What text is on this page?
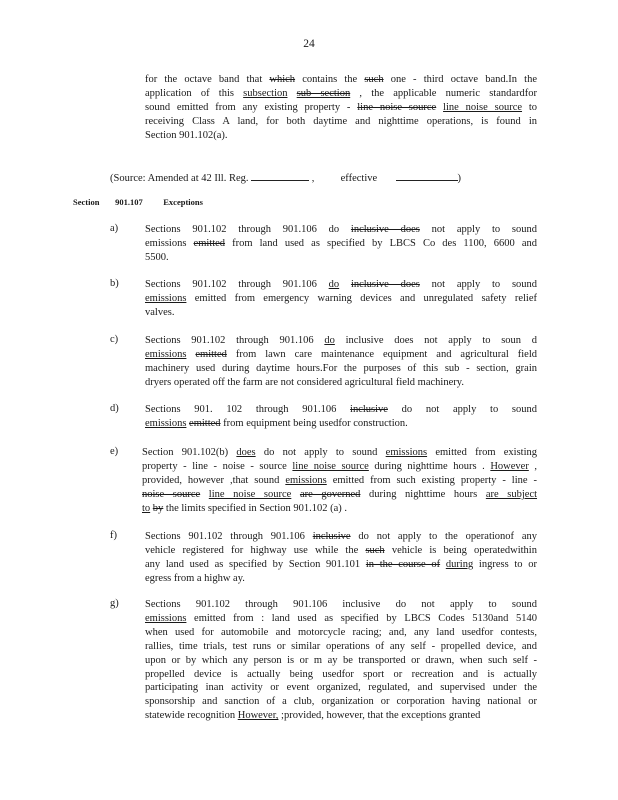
24
for the octave band that which contains the such one - third octave band.In the
application of this subsection sub section , the applicable numeric standardfor
sound emitted from any existing property - line noise source line noise source to
receiving Class A land, for both daytime and nighttime operations, is found in
Section 901.102(a).
(Source: Amended at 42 Ill. Reg.	,          effective	)
Section 901.107 Exceptions
a)	Sections 901.102 through 901.106 do inclusive does not apply to sound
emissions emitted from land used as specified by LBCS Co des 1100, 6600 and
5500.
b)	Sections 901.102 through 901.106 do inclusive does not apply to sound
emissions emitted from emergency warning devices and unregulated safety relief
valves.
c)	Sections 901.102 through 901.106 do inclusive does not apply to soun d
emissions emitted from lawn care maintenance equipment and agricultural field
machinery used during daytime hours.For the purposes of this sub - section, grain
dryers operated off the farm are not considered agricultural field machinery.
d)	Sections 901. 102 through 901.106 inclusive do not apply to sound
emissions emitted from equipment being usedfor construction.
e) Section 901.102(b) does do not apply to sound emissions emitted from existing
property - line - noise - source line noise source during nighttime hours . However ,
provided, however ,that sound emissions emitted from such existing property - line -
noise source line noise source are governed during nighttime hours are subject
to by the limits specified in Section 901.102 (a) .
f)	Sections 901.102 through 901.106 inclusive do not apply to the operationof any
vehicle registered for highway use while the such vehicle is being operatedwithin
any land used as specified by Section 901.101 in the course of during ingress to or
egress from a highw ay.
g)	Sections 901.102 through 901.106 inclusive do not apply to sound
emissions emitted from : land used as specified by LBCS Codes 5130and 5140
when used for automobile and motorcycle racing; and, any land usedfor contests,
rallies, time trials, test runs or similar operations of any self - propelled device, and
upon or by which any person is or m ay be transported or drawn, when such self -
propelled device is actually being usedfor sport or recreation and is actually
participating inan activity or event organized, regulated, and supervised under the
sponsorship and sanction of a club, organization or corporation having national or
statewide recognition However, ;provided, however, that the exceptions granted
